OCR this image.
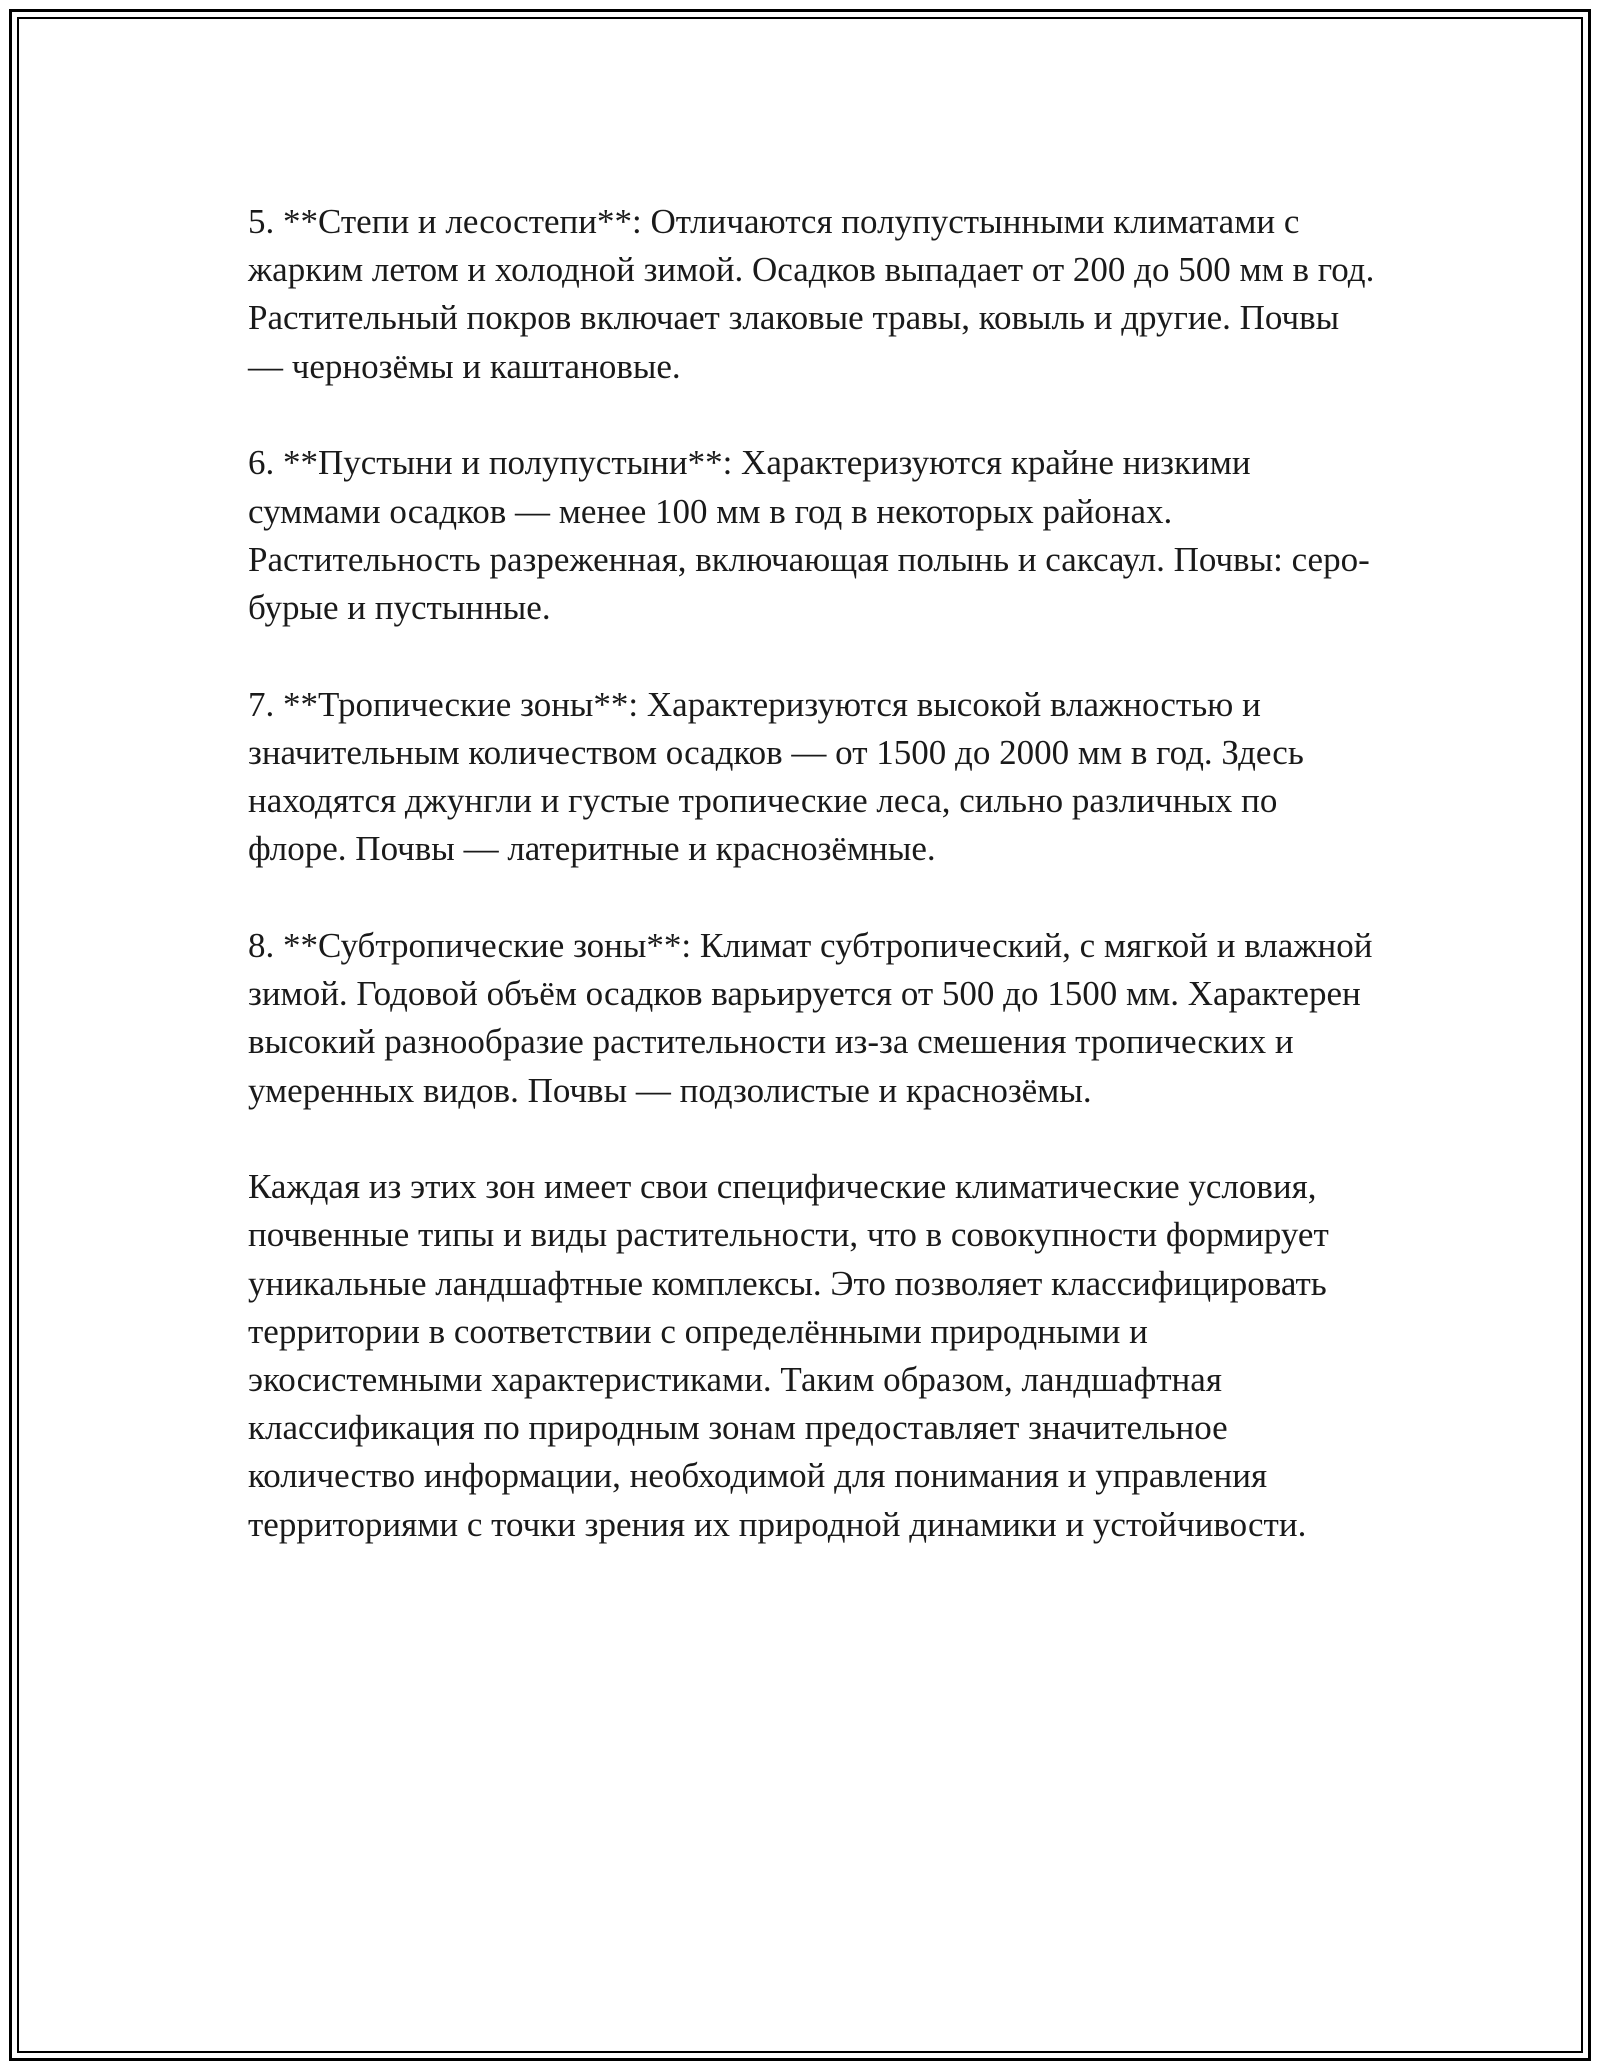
5. **Степи и лесостепи**: Отличаются полупустынными климатами с жарким летом и холодной зимой. Осадков выпадает от 200 до 500 мм в год. Растительный покров включает злаковые травы, ковыль и другие. Почвы — чернозёмы и каштановые.

6. **Пустыни и полупустыни**: Характеризуются крайне низкими суммами осадков — менее 100 мм в год в некоторых районах. Растительность разреженная, включающая полынь и саксаул. Почвы: серо-бурые и пустынные.

7. **Тропические зоны**: Характеризуются высокой влажностью и значительным количеством осадков — от 1500 до 2000 мм в год. Здесь находятся джунгли и густые тропические леса, сильно различных по флоре. Почвы — латеритные и краснозёмные.

8. **Субтропические зоны**: Климат субтропический, с мягкой и влажной зимой. Годовой объём осадков варьируется от 500 до 1500 мм. Характерен высокий разнообразие растительности из-за смешения тропических и умеренных видов. Почвы — подзолистые и краснозёмы.

Каждая из этих зон имеет свои специфические климатические условия, почвенные типы и виды растительности, что в совокупности формирует уникальные ландшафтные комплексы. Это позволяет классифицировать территории в соответствии с определёнными природными и экосистемными характеристиками. Таким образом, ландшафтная классификация по природным зонам предоставляет значительное количество информации, необходимой для понимания и управления территориями с точки зрения их природной динамики и устойчивости.
